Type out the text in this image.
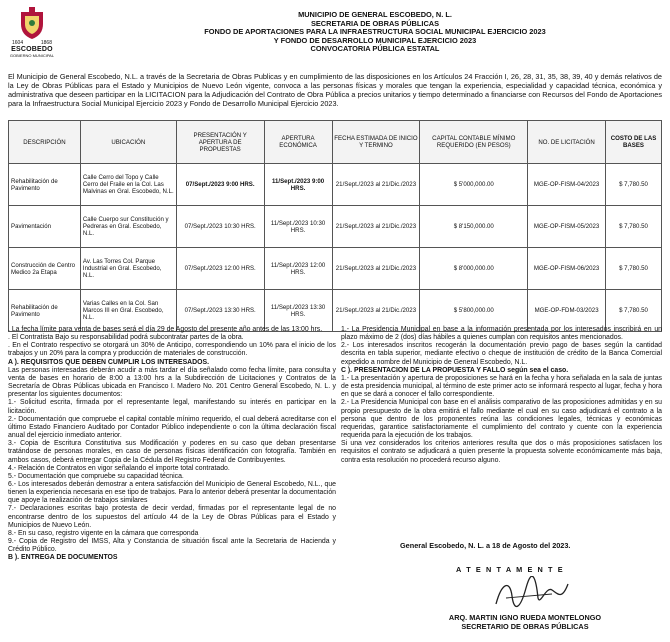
1604	1868
ESCOBEDO
GOBIERNO MUNICIPAL
MUNICIPIO DE GENERAL ESCOBEDO, N. L.
SECRETARIA DE OBRAS PÚBLICAS
FONDO DE APORTACIONES PARA LA INFRAESTRUCTURA SOCIAL MUNICIPAL EJERCICIO 2023
Y FONDO DE DESARROLLO MUNICIPAL EJERCICIO 2023
CONVOCATORIA PÚBLICA ESTATAL
El Municipio de General Escobedo, N.L. a través de la Secretaria de Obras Publicas y en cumplimiento de las disposiciones en los Artículos 24 Fracción I, 26, 28, 31, 35, 38, 39, 40 y demás relativos de la Ley de Obras Públicas para el Estado y Municipios de Nuevo León vigente, convoca a las personas físicas y morales que tengan la experiencia, especialidad y capacidad técnica, económica y administrativa que deseen participar en la LICITACION para la Adjudicación del Contrato de Obra Pública a precios unitarios y tiempo determinado a financiarse con Recursos del Fondo de Aportaciones para la Infraestructura Social Municipal Ejercicio 2023 y Fondo de Desarrollo Municipal Ejercicio 2023.
DESCRIPCIÓN	UBICACIÓN	PRESENTACIÓN Y APERTURA DE PROPUESTAS	APERTURA ECONÓMICA	FECHA ESTIMADA DE INICIO Y TERMINO	CAPITAL CONTABLE MÍNIMO REQUERIDO (EN PESOS)	NO. DE LICITACIÓN	COSTO DE LAS BASES
Rehabilitación de Pavimento	Calle Cerro del Topo y Calle Cerro del Fraile en la Col. Las Malvinas en Gral. Escobedo, N.L.	07/Sept./2023 9:00 HRS.	11/Sept./2023 9:00 HRS.	21/Sept./2023 al 21/Dic./2023	$ 5'000,000.00	MGE-OP-FISM-04/2023	$ 7,780.50
Pavimentación	Calle Cuerpo sur Constitución y Pedreras en Gral. Escobedo, N.L.	07/Sept./2023 10:30 HRS.	11/Sept./2023 10:30 HRS.	21/Sept./2023 al 21/Dic./2023	$ 8'150,000.00	MGE-OP-FISM-05/2023	$ 7,780.50
Construcción de Centro Medico 2a Etapa	Av. Las Torres Col. Parque Industrial en Gral. Escobedo, N.L.	07/Sept./2023 12:00 HRS.	11/Sept./2023 12:00 HRS.	21/Sept./2023 al 21/Dic./2023	$ 8'000,000.00	MGE-OP-FISM-06/2023	$ 7,780.50
Rehabilitación de Pavimento	Varias Calles en la Col. San Marcos III en Gral. Escobedo, N.L.	07/Sept./2023 13:30 HRS.	11/Sept./2023 13:30 HRS.	21/Sept./2023 al 21/Dic./2023	$ 5'800,000.00	MGE-OP-FDM-03/2023	$ 7,780.50

. La fecha límite para venta de bases será el día 29 de Agosto del presente año antes de las 13:00 hrs.

. El Contratista Bajo su responsabilidad podrá subcontratar partes de la obra.

. En el Contrato respectivo se otorgará un 30% de Anticipo, correspondiendo un 10% para el inicio de los trabajos y un 20% para la compra y producción de materiales de construcción.

A ). REQUISITOS QUE DEBEN CUMPLIR LOS INTERESADOS.

Las personas interesadas deberán acudir a más tardar el día señalado como fecha límite, para consulta y venta de bases en horario de 8:00 a 13:00 hrs a la Subdirección de Licitaciones y Contratos de la Secretaría de Obras Públicas ubicada en Francisco I. Madero No. 201 Centro General Escobedo, N. L. y presentar los siguientes documentos:

1.- Solicitud escrita, firmada por el representante legal, manifestando su interés en participar en la licitación.

2.- Documentación que compruebe el capital contable mínimo requerido, el cual deberá acreditarse con el último Estado Financiero Auditado por Contador Público independiente o con la última declaración fiscal anual del ejercicio inmediato anterior.

3.- Copia de Escritura Constitutiva sus Modificación y poderes en su caso que deban presentarse tratándose de personas morales, en caso de personas físicas identificación con fotografía. También en ambos casos, deberá entregar Copia de la Cédula del Registro Federal de Contribuyentes.

4.- Relación de Contratos en vigor señalando el importe total contratado.

5.- Documentación que compruebe su capacidad técnica.

6.- Los interesados deberán demostrar a entera satisfacción del Municipio de General Escobedo, N.L., que tienen la experiencia necesaria en ese tipo de trabajos. Para lo anterior deberá presentar la documentación que apoye la realización de trabajos similares

7.- Declaraciones escritas bajo protesta de decir verdad, firmadas por el representante legal de no encontrarse dentro de los supuestos del artículo 44 de la Ley de Obras Públicas para el Estado y Municipios de Nuevo León.

8.- En su caso, registro vigente en la cámara que corresponda

9.- Copia de Registro del IMSS, Alta y Constancia de situación fiscal ante la Secretaria de Hacienda y Crédito Público.

B ). ENTREGA DE DOCUMENTOS

1.- La Presidencia Municipal en base a la información presentada por los interesados inscribirá en un plazo máximo de 2 (dos) días hábiles a quienes cumplan con requisitos antes mencionados.

2.- Los interesados inscritos recogerán la documentación previo pago de bases según la cantidad descrita en tabla superior, mediante efectivo o cheque de institución de crédito de la Banca Comercial expedido a nombre del Municipio de General Escobedo, N.L.

C ). PRESENTACION DE LA PROPUESTA Y FALLO según sea el caso.

1.- La presentación y apertura de proposiciones se hará en la fecha y hora señalada en la sala de juntas de esta presidencia municipal, al término de este primer acto se informará respecto al lugar, fecha y hora en que se dará a conocer el fallo correspondiente.

2.- La Presidencia Municipal con base en el análisis comparativo de las proposiciones admitidas y en su propio presupuesto de la obra emitirá el fallo mediante el cual en su caso adjudicará el contrato a la persona que dentro de los proponentes reúna las condiciones legales, técnicas y económicas requeridas, garantice satisfactoriamente el cumplimiento del contrato y cuente con la experiencia requerida para la ejecución de los trabajos.

Si una vez considerados los criterios anteriores resulta que dos o más proposiciones satisfacen los requisitos el contrato se adjudicará a quien presente la propuesta solvente económicamente más baja, contra esta resolución no procederá recurso alguno.

General Escobedo, N. L. a 18 de Agosto del 2023.
A T E N T A M E N T E
ARQ. MARTIN IGNO RUEDA MONTELONGO
SECRETARIO DE OBRAS PÚBLICAS
